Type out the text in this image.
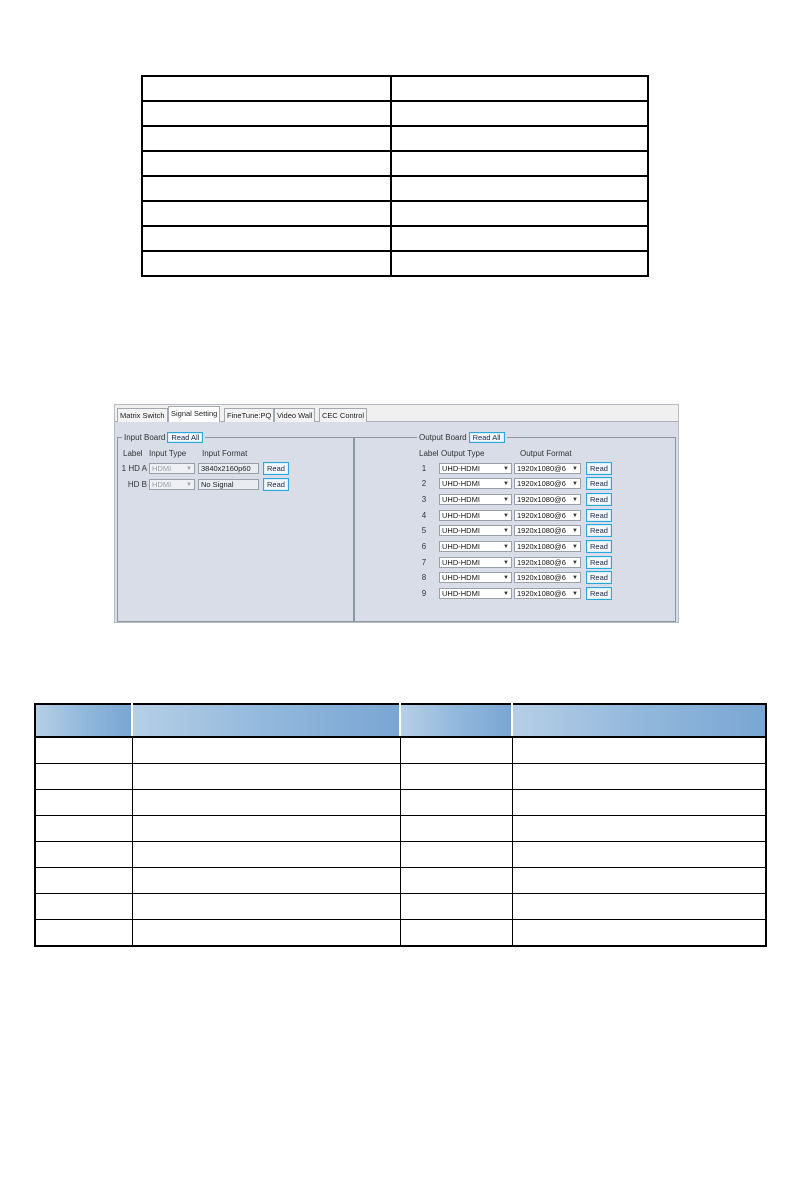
Matrix Switch Signal Setting	FineTune:PQ Video Wall	CEC Control
Input Board Read All
Label Input Type Input Format
1 HD A HDMI ▼	3840x2160p60	Read
HD B HDMI ▼	No Signal	Read
Output Board Read All
Label Output Type	Output Format
1	UHD-HDMI	▼	1920x1080@6 ▼	Read
2	UHD-HDMI	▼	1920x1080@6 ▼	Read
3	UHD-HDMI	▼	1920x1080@6 ▼	Read
4	UHD-HDMI	▼	1920x1080@6 ▼	Read
5	UHD-HDMI	▼	1920x1080@6 ▼	Read
6	UHD-HDMI	▼	1920x1080@6 ▼	Read
7	UHD-HDMI	▼	1920x1080@6 ▼	Read
8	UHD-HDMI	▼	1920x1080@6 ▼	Read
9	UHD-HDMI	▼	1920x1080@6 ▼	Read
